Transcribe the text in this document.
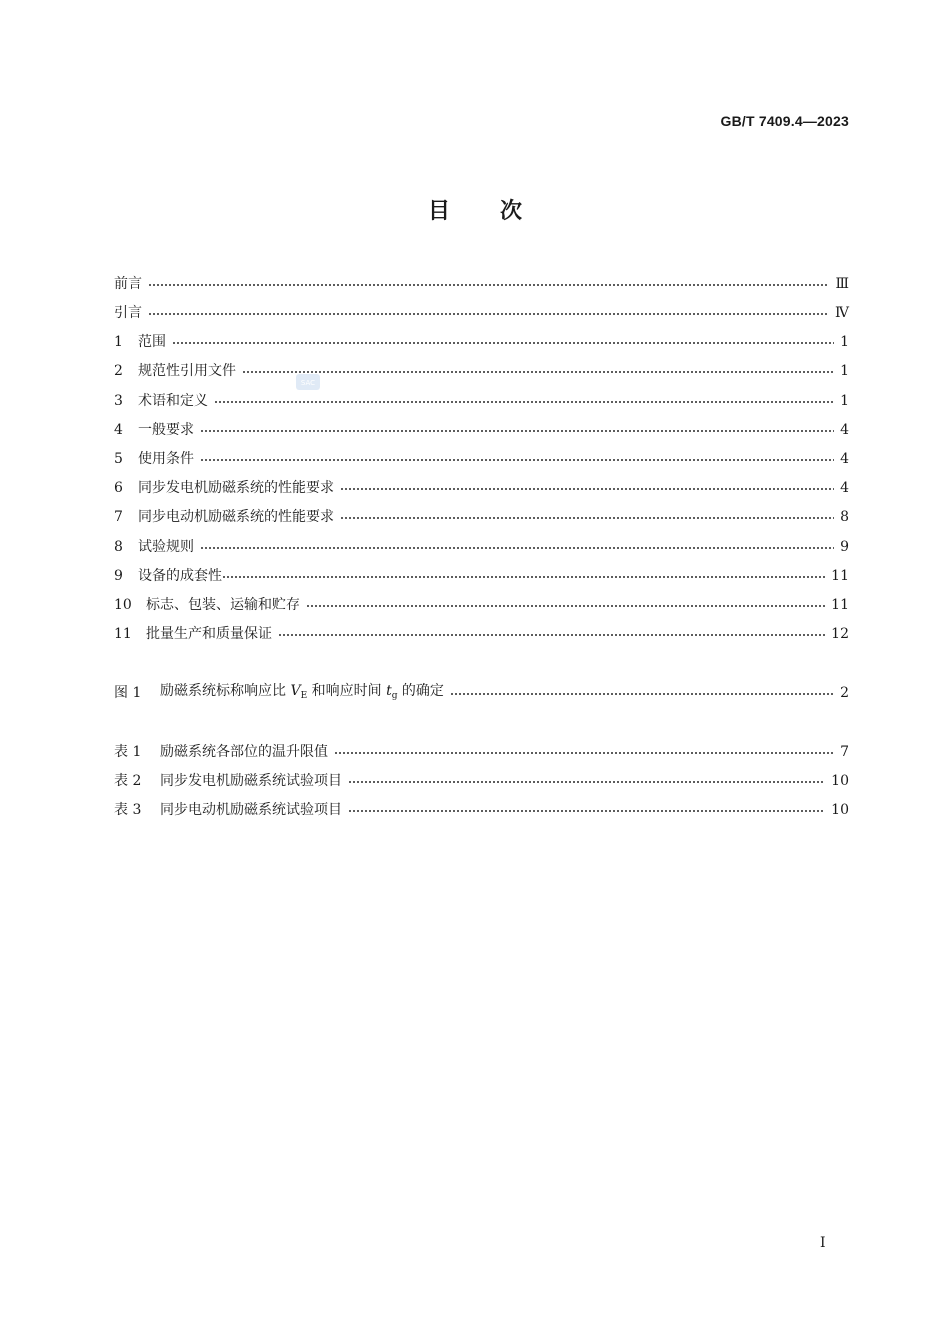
GB/T 7409.4—2023
目 次
SAC
前言	Ⅲ
引言	Ⅳ
1	范围	1
2	规范性引用文件	1
3	术语和定义	1
4	一般要求	4
5	使用条件	4
6	同步发电机励磁系统的性能要求	4
7	同步电动机励磁系统的性能要求	8
8	试验规则	9
9	设备的成套性	11
10	标志、包装、运输和贮存	11
11	批量生产和质量保证	12
图 1	励磁系统标称响应比 $V_E$ 和响应时间 $t_g$ 的确定	2
表 1	励磁系统各部位的温升限值	7
表 2	同步发电机励磁系统试验项目	10
表 3	同步电动机励磁系统试验项目	10
I
